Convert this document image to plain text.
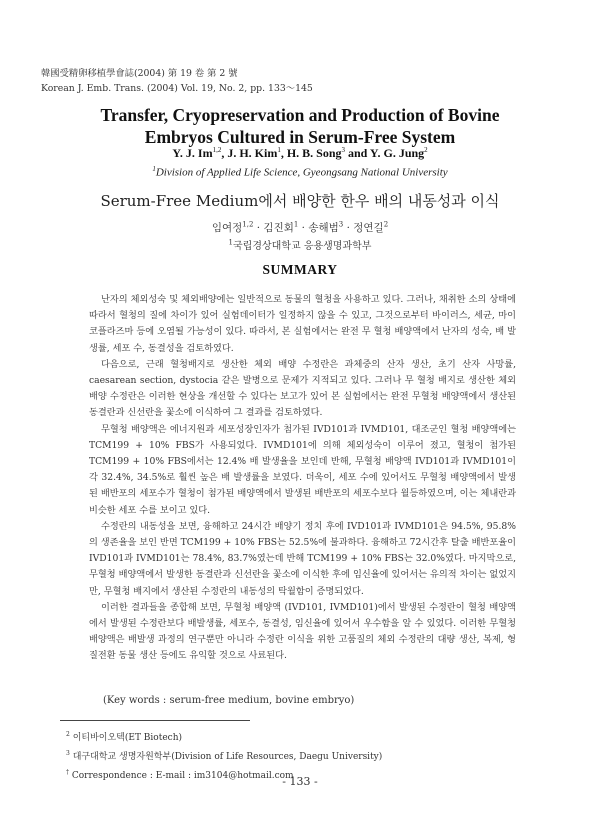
韓國受精卵移植學會誌(2004) 第 19 卷 第 2 號
Korean J. Emb. Trans. (2004) Vol. 19, No. 2, pp. 133～145
Transfer, Cryopreservation and Production of Bovine
Embryos Cultured in Serum-Free System
Y. J. Im$^{1,2}$, J. H. Kim$^1$, H. B. Song$^3$ and Y. G. Jung$^2$
$^1$Division of Applied Life Science, Gyeongsang National University
Serum-Free Medium에서 배양한 한우 배의 내동성과 이식
임여정$^{1,2}$ · 김진회$^1$ · 송해범$^3$ · 정연길$^2$
$^1$국립경상대학교 응용생명과학부
SUMMARY

난자의 체외성숙 및 체외배양에는 일반적으로 동물의 혈청을 사용하고 있다. 그러나, 채취한 소의 상태에 따라서 혈청의 질에 차이가 있어 실험데이터가 일정하지 않을 수 있고, 그것으로부터 바이러스, 세균, 마이코플라즈마 등에 오염될 가능성이 있다. 따라서, 본 실험에서는 완전 무 혈청 배양액에서 난자의 성숙, 배 발생률, 세포 수, 동결성을 검토하였다.

다음으로, 근래 혈청배지로 생산한 체외 배양 수정란은 과체중의 산자 생산, 초기 산자 사망률, caesarean section, dystocia 같은 발병으로 문제가 지적되고 있다. 그러나 무 혈청 배지로 생산한 체외 배양 수정란은 이러한 현상을 개선할 수 있다는 보고가 있어 본 실험에서는 완전 무혈청 배양액에서 생산된 동결란과 신선란을 꽃소에 이식하여 그 결과를 검토하였다.

무혈청 배양액은 에너지원과 세포성장인자가 첨가된 IVD101과 IVMD101, 대조군인 혈청 배양액에는 TCM199 + 10% FBS가 사용되었다. IVMD101에 의해 체외성숙이 이루어 졌고, 혈청이 첨가된 TCM199 + 10% FBS에서는 12.4% 배 발생율을 보인데 반해, 무혈청 배양액 IVD101과 IVMD101이 각 32.4%, 34.5%로 훨씬 높은 배 발생률을 보였다. 더욱이, 세포 수에 있어서도 무혈청 배양액에서 발생된 배반포의 세포수가 혈청이 첨가된 배양액에서 발생된 배반포의 세포수보다 월등하였으며, 이는 체내란과 비슷한 세포 수를 보이고 있다.

수정란의 내동성을 보면, 융해하고 24시간 배양기 정치 후에 IVD101과 IVMD101은 94.5%, 95.8%의 생존율을 보인 반면 TCM199 + 10% FBS는 52.5%에 불과하다. 융해하고 72시간후 탈출 배반포율이 IVD101과 IVMD101는 78.4%, 83.7%였는데 반해 TCM199 + 10% FBS는 32.0%였다. 마지막으로, 무혈청 배양액에서 발생한 동결란과 신선란을 꽃소에 이식한 후에 임신율에 있어서는 유의적 차이는 없었지만, 무혈청 배지에서 생산된 수정란의 내동성의 탁월함이 증명되었다.

이러한 결과들을 종합해 보면, 무혈청 배양액 (IVD101, IVMD101)에서 발생된 수정란이 혈청 배양액에서 발생된 수정란보다 배발생률, 세포수, 동결성, 임신율에 있어서 우수함을 알 수 있었다. 이러한 무혈청 배양액은 배발생 과정의 연구뿐만 아니라 수정란 이식을 위한 고품질의 체외 수정란의 대량 생산, 복제, 형질전환 동물 생산 등에도 유익할 것으로 사료된다.

(Key words : serum-free medium, bovine embryo)
$^2$ 이티바이오텍(ET Biotech)
$^3$ 대구대학교 생명자원학부(Division of Life Resources, Daegu University)
† Correspondence : E-mail : im3104@hotmail.com
- 133 -
